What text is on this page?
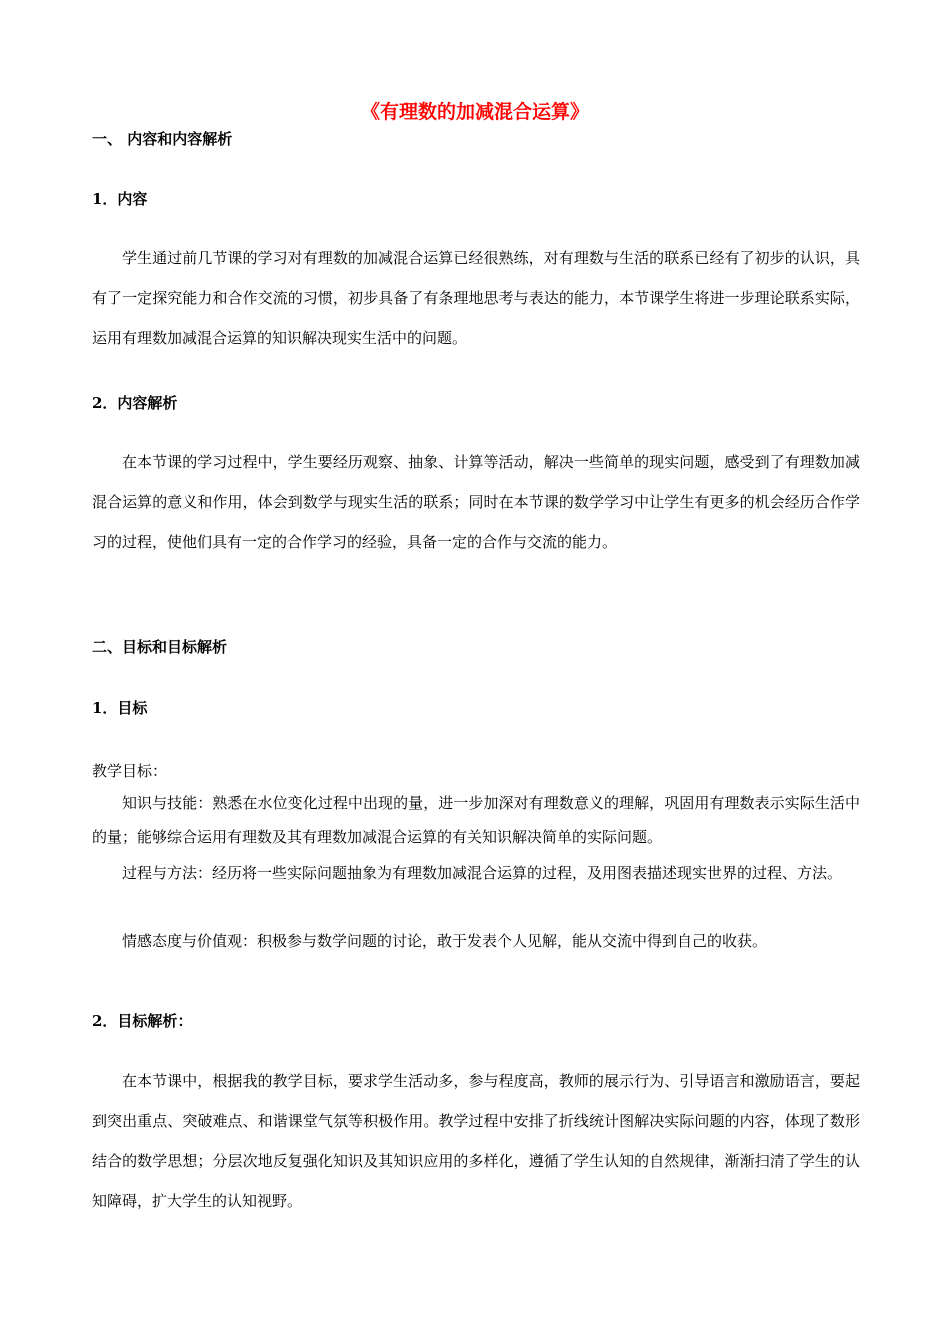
《有理数的加减混合运算》
一、 内容和内容解析
1．内容

学生通过前几节课的学习对有理数的加减混合运算已经很熟练，对有理数与生活的联系已经有了初步的认识，具有了一定探究能力和合作交流的习惯，初步具备了有条理地思考与表达的能力，本节课学生将进一步理论联系实际，运用有理数加减混合运算的知识解决现实生活中的问题。

2．内容解析

在本节课的学习过程中，学生要经历观察、抽象、计算等活动，解决一些简单的现实问题，感受到了有理数加减混合运算的意义和作用，体会到数学与现实生活的联系；同时在本节课的数学学习中让学生有更多的机会经历合作学习的过程，使他们具有一定的合作学习的经验，具备一定的合作与交流的能力。

二、目标和目标解析
1．目标
教学目标：

知识与技能：熟悉在水位变化过程中出现的量，进一步加深对有理数意义的理解，巩固用有理数表示实际生活中的量；能够综合运用有理数及其有理数加减混合运算的有关知识解决简单的实际问题。

过程与方法：经历将一些实际问题抽象为有理数加减混合运算的过程，及用图表描述现实世界的过程、方法。

情感态度与价值观：积极参与数学问题的讨论，敢于发表个人见解，能从交流中得到自己的收获。

2．目标解析：

在本节课中，根据我的教学目标，要求学生活动多，参与程度高，教师的展示行为、引导语言和激励语言，要起到突出重点、突破难点、和谐课堂气氛等积极作用。教学过程中安排了折线统计图解决实际问题的内容，体现了数形结合的数学思想；分层次地反复强化知识及其知识应用的多样化，遵循了学生认知的自然规律，渐渐扫清了学生的认知障碍，扩大学生的认知视野。
